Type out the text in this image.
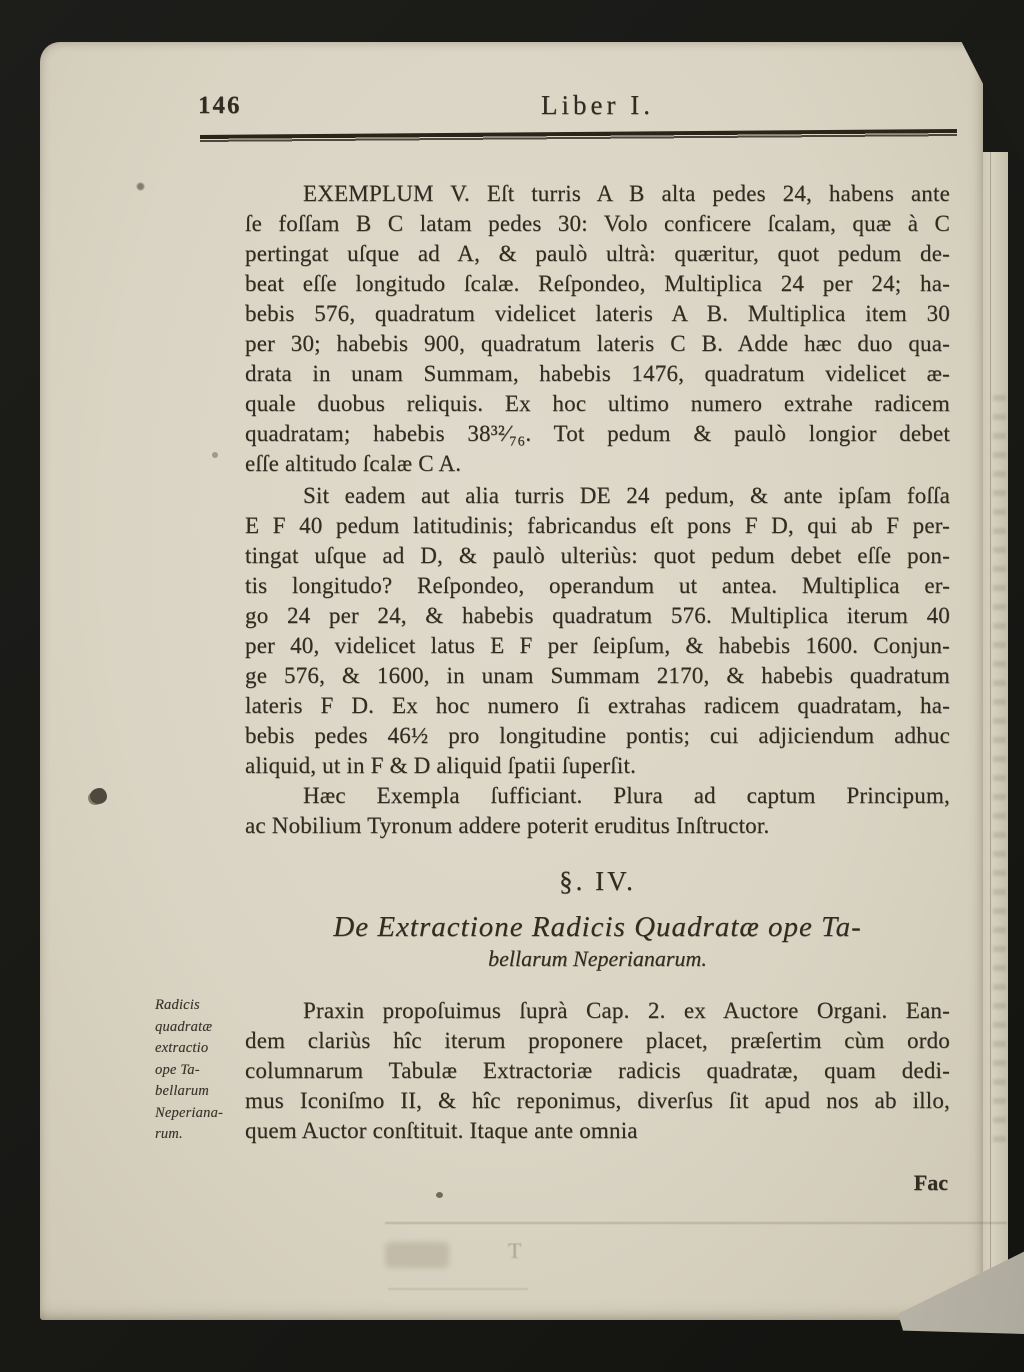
146	Liber I.
EXEMPLUM V. Eſt turris A B alta pedes 24, habens ante
ſe foſſam B C latam pedes 30: Volo conficere ſcalam, quæ à C
pertingat uſque ad A, & paulò ultrà: quæritur, quot pedum de-
beat eſſe longitudo ſcalæ. Reſpondeo, Multiplica 24 per 24; ha-
bebis 576, quadratum videlicet lateris A B. Multiplica item 30
per 30; habebis 900, quadratum lateris C B. Adde hæc duo qua-
drata in unam Summam, habebis 1476, quadratum videlicet æ-
quale duobus reliquis. Ex hoc ultimo numero extrahe radicem
quadratam; habebis 38³²⁄₇₆. Tot pedum & paulò longior debet
eſſe altitudo ſcalæ C A.
Sit eadem aut alia turris DE 24 pedum, & ante ipſam foſſa
E F 40 pedum latitudinis; fabricandus eſt pons F D, qui ab F per-
tingat uſque ad D, & paulò ulteriùs: quot pedum debet eſſe pon-
tis longitudo? Reſpondeo, operandum ut antea. Multiplica er-
go 24 per 24, & habebis quadratum 576. Multiplica iterum 40
per 40, videlicet latus E F per ſeipſum, & habebis 1600. Conjun-
ge 576, & 1600, in unam Summam 2170, & habebis quadratum
lateris F D. Ex hoc numero ſi extrahas radicem quadratam, ha-
bebis pedes 46½ pro longitudine pontis; cui adjiciendum adhuc
aliquid, ut in F & D aliquid ſpatii ſuperſit.
Hæc Exempla ſufficiant. Plura ad captum Principum,
ac Nobilium Tyronum addere poterit eruditus Inſtructor.
§. IV.
De Extractione Radicis Quadratæ ope Ta-
bellarum Neperianarum.
Praxin propoſuimus ſuprà Cap. 2. ex Auctore Organi. Ean-
dem clariùs hîc iterum proponere placet, præſertim cùm ordo
columnarum Tabulæ Extractoriæ radicis quadratæ, quam dedi-
mus Iconiſmo II, & hîc reponimus, diverſus ſit apud nos ab illo,
quem Auctor conſtituit. Itaque ante omnia
Radicis
quadratæ
extractio
ope Ta-
bellarum
Neperiana-
rum.
Fac
T
